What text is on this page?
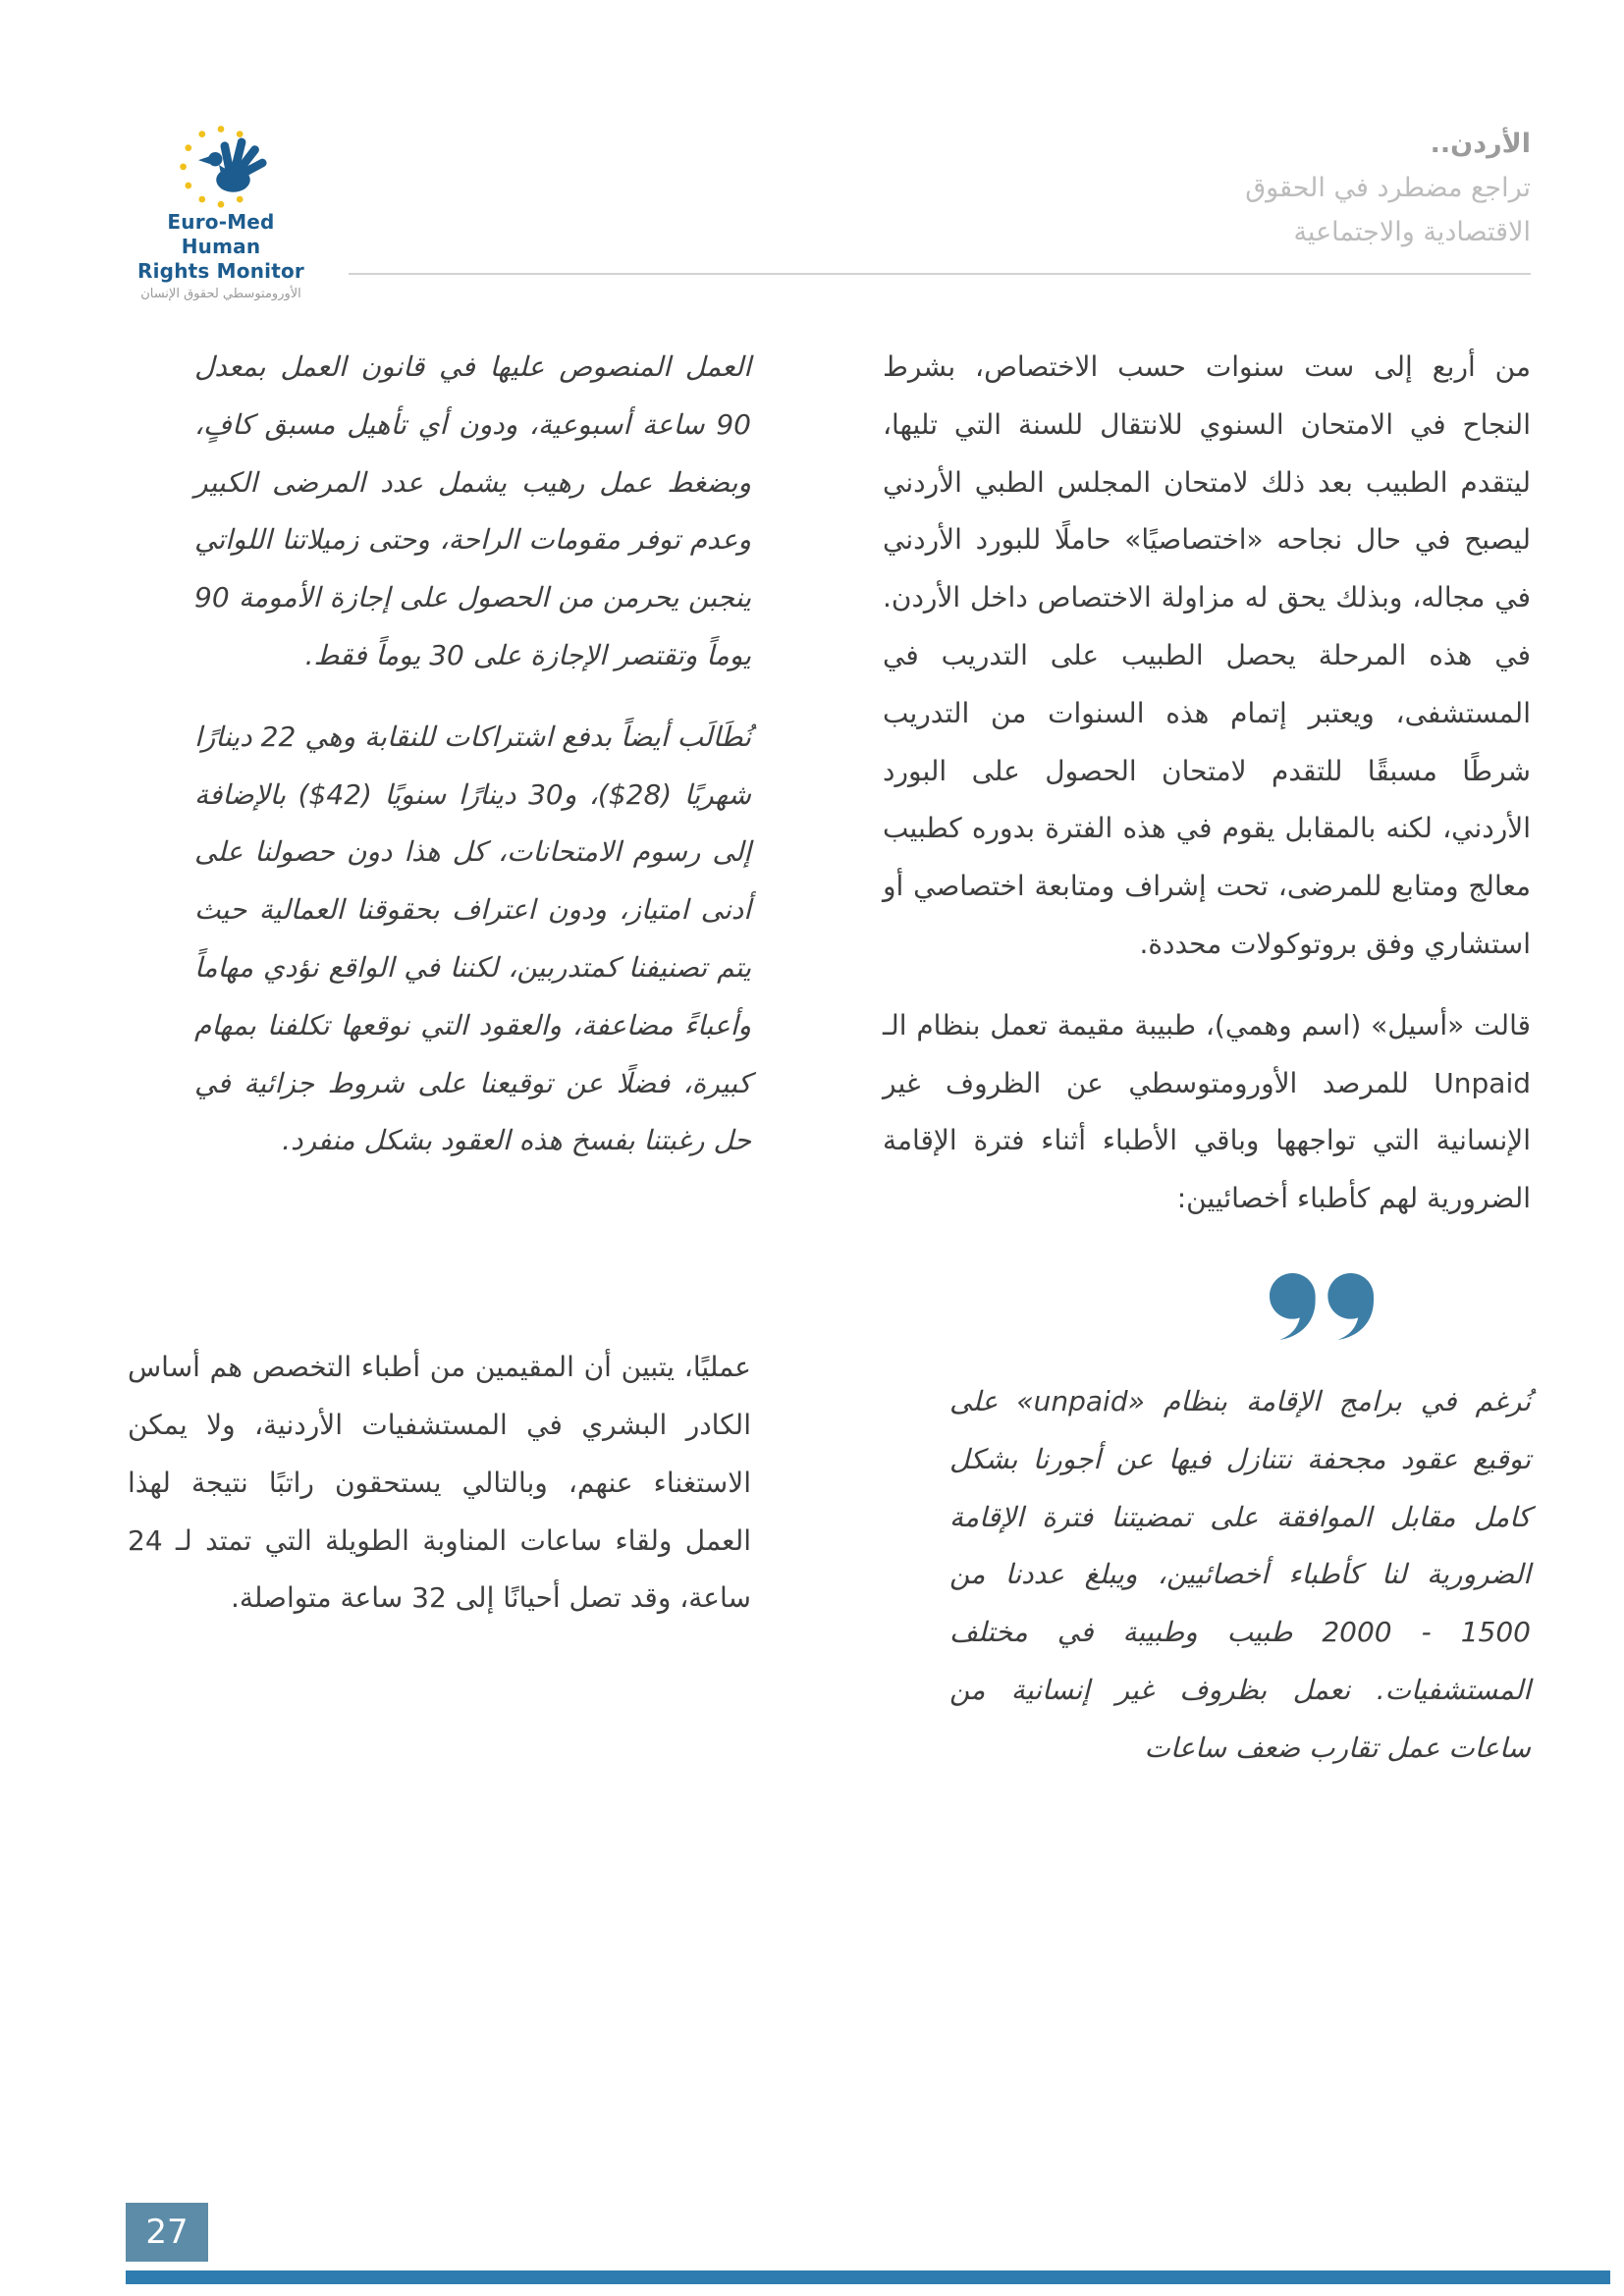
Euro-Med Human
Rights Monitor
الأورومتوسطي لحقوق الإنسان
الأردن..
تراجع مضطرد في الحقوق
الاقتصادية والاجتماعية

من أربع إلى ست سنوات حسب الاختصاص، بشرط النجاح في الامتحان السنوي للانتقال للسنة التي تليها، ليتقدم الطبيب بعد ذلك لامتحان المجلس الطبي الأردني ليصبح في حال نجاحه «اختصاصيًا» حاملًا للبورد الأردني في مجاله، وبذلك يحق له مزاولة الاختصاص داخل الأردن. في هذه المرحلة يحصل الطبيب على التدريب في المستشفى، ويعتبر إتمام هذه السنوات من التدريب شرطًا مسبقًا للتقدم لامتحان الحصول على البورد الأردني، لكنه بالمقابل يقوم في هذه الفترة بدوره كطبيب معالج ومتابع للمرضى، تحت إشراف ومتابعة اختصاصي أو استشاري وفق بروتوكولات محددة.

قالت «أسيل» (اسم وهمي)، طبيبة مقيمة تعمل بنظام الـ Unpaid للمرصد الأورومتوسطي عن الظروف غير الإنسانية التي تواجهها وباقي الأطباء أثناء فترة الإقامة الضرورية لهم كأطباء أخصائيين:

نُرغم في برامج الإقامة بنظام «unpaid» على توقيع عقود مجحفة نتنازل فيها عن أجورنا بشكل كامل مقابل الموافقة على تمضيتنا فترة الإقامة الضرورية لنا كأطباء أخصائيين، ويبلغ عددنا من 1500 - 2000 طبيب وطبيبة في مختلف المستشفيات. نعمل بظروف غير إنسانية من ساعات عمل تقارب ضعف ساعات

العمل المنصوص عليها في قانون العمل بمعدل 90 ساعة أسبوعية، ودون أي تأهيل مسبق كافٍ، وبضغط عمل رهيب يشمل عدد المرضى الكبير وعدم توفر مقومات الراحة، وحتى زميلاتنا اللواتي ينجبن يحرمن من الحصول على إجازة الأمومة 90 يوماً وتقتصر الإجازة على 30 يوماً فقط.

نُطَالَب أيضاً بدفع اشتراكات للنقابة وهي 22 دينارًا شهريًا (28$)، و30 دينارًا سنويًا (42$) بالإضافة إلى رسوم الامتحانات، كل هذا دون حصولنا على أدنى امتياز، ودون اعتراف بحقوقنا العمالية حيث يتم تصنيفنا كمتدربين، لكننا في الواقع نؤدي مهاماً وأعباءً مضاعفة، والعقود التي نوقعها تكلفنا بمهام كبيرة، فضلًا عن توقيعنا على شروط جزائية في حل رغبتنا بفسخ هذه العقود بشكل منفرد.

عمليًا، يتبين أن المقيمين من أطباء التخصص هم أساس الكادر البشري في المستشفيات الأردنية، ولا يمكن الاستغناء عنهم، وبالتالي يستحقون راتبًا نتيجة لهذا العمل ولقاء ساعات المناوبة الطويلة التي تمتد لـ 24 ساعة، وقد تصل أحيانًا إلى 32 ساعة متواصلة.

27
